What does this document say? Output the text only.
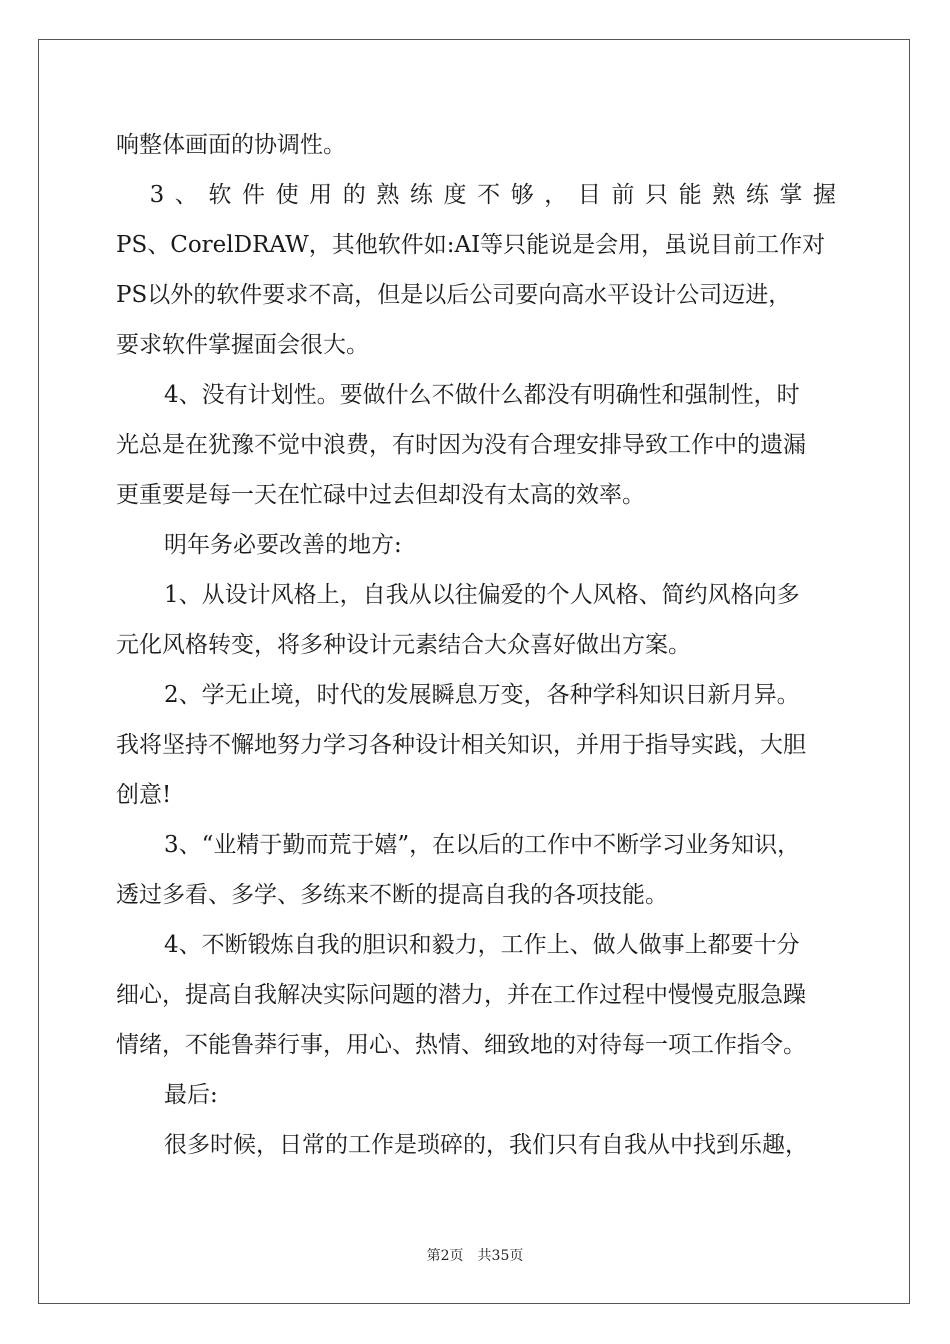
响整体画面的协调性。
　3、软件使用的熟练度不够，目前只能熟练掌握
PS、CorelDRAW，其他软件如:AI等只能说是会用，虽说目前工作对
PS以外的软件要求不高，但是以后公司要向高水平设计公司迈进，
要求软件掌握面会很大。
4、没有计划性。要做什么不做什么都没有明确性和强制性，时
光总是在犹豫不觉中浪费，有时因为没有合理安排导致工作中的遗漏
更重要是每一天在忙碌中过去但却没有太高的效率。
明年务必要改善的地方:
1、从设计风格上，自我从以往偏爱的个人风格、简约风格向多
元化风格转变，将多种设计元素结合大众喜好做出方案。
2、学无止境，时代的发展瞬息万变，各种学科知识日新月异。
我将坚持不懈地努力学习各种设计相关知识，并用于指导实践，大胆
创意!
3、“业精于勤而荒于嬉”，在以后的工作中不断学习业务知识，
透过多看、多学、多练来不断的提高自我的各项技能。
4、不断锻炼自我的胆识和毅力，工作上、做人做事上都要十分
细心，提高自我解决实际问题的潜力，并在工作过程中慢慢克服急躁
情绪，不能鲁莽行事，用心、热情、细致地的对待每一项工作指令。
最后:
很多时候，日常的工作是琐碎的，我们只有自我从中找到乐趣，
第2页　共35页
